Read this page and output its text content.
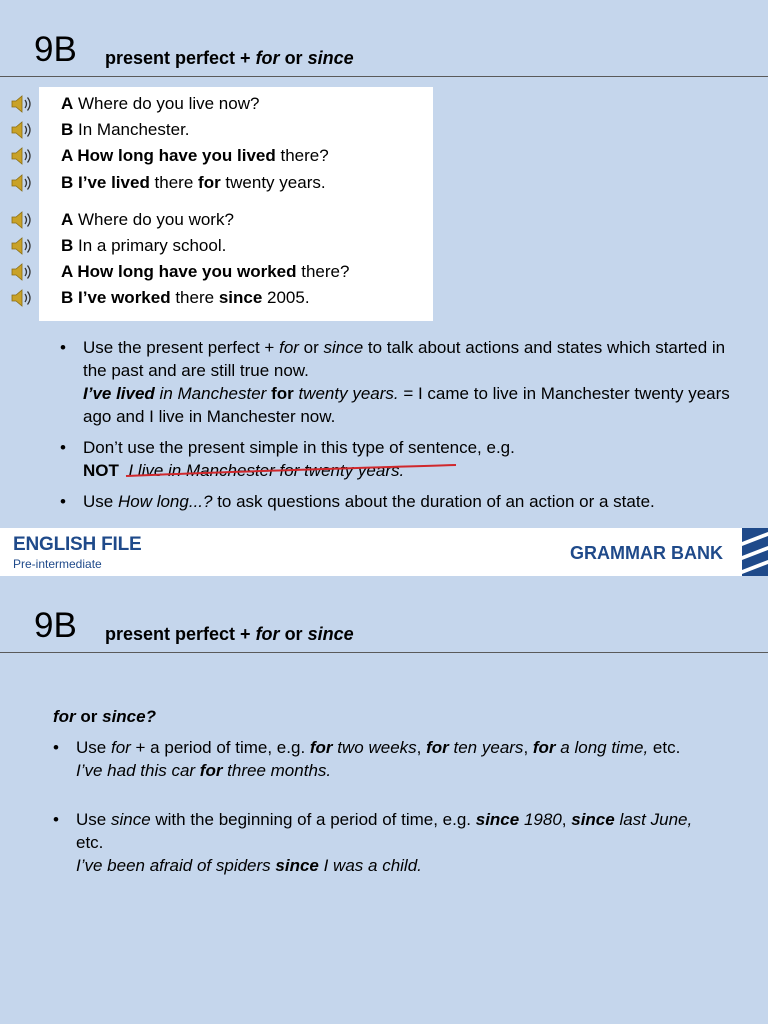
9B present perfect + for or since
A Where do you live now?
B In Manchester.
A How long have you lived there?
B I’ve lived there for twenty years.
A Where do you work?
B In a primary school.
A How long have you worked there?
B I’ve worked there since 2005.
• Use the present perfect + for or since to talk about actions and states which started in the past and are still true now.
I’ve lived in Manchester for twenty years. = I came to live in Manchester twenty years ago and I live in Manchester now.
• Don’t use the present simple in this type of sentence, e.g.
NOT I live in Manchester for twenty years.
• Use How long...? to ask questions about the duration of an action or a state.
ENGLISH FILE
Pre-intermediate
GRAMMAR BANK
9B present perfect + for or since
for or since?
• Use for + a period of time, e.g. for two weeks, for ten years, for a long time, etc.
I’ve had this car for three months.
• Use since with the beginning of a period of time, e.g. since 1980, since last June, etc.
I’ve been afraid of spiders since I was a child.
